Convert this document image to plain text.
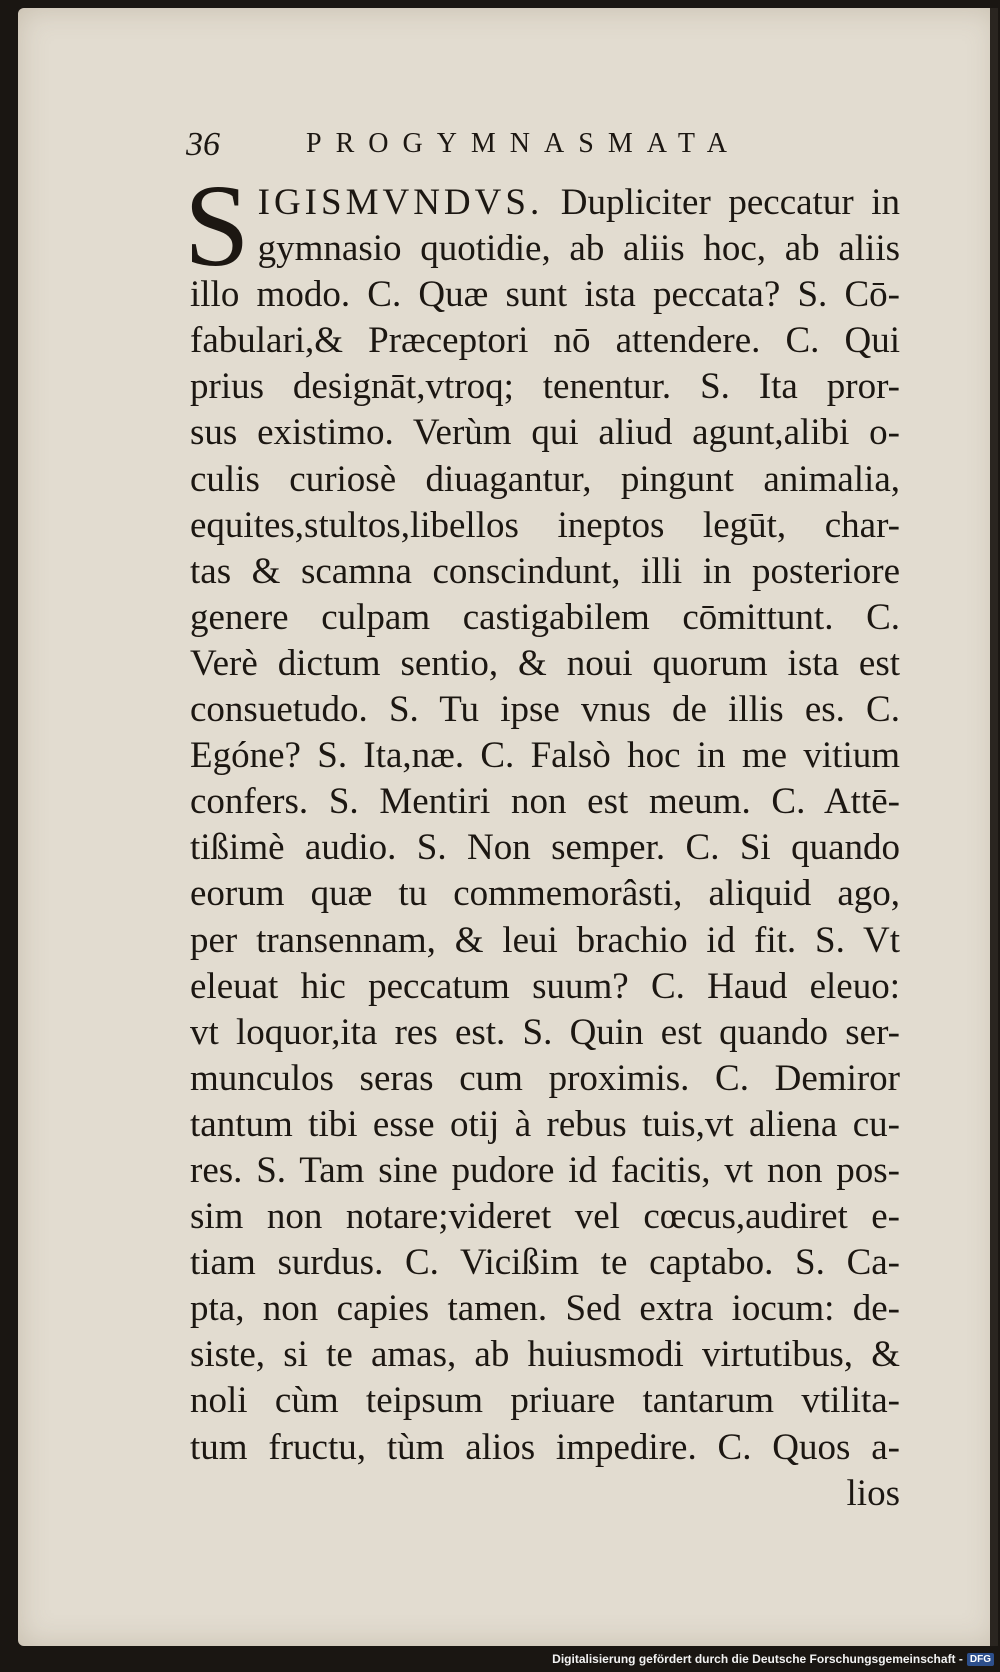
36	PROGYMNASMATA
S IGISMVNDVS. Dupliciter peccatur in
gymnasio quotidie, ab aliis hoc, ab aliis
illo modo. C. Quæ sunt ista peccata? S. Cō-
fabulari,& Præceptori nō attendere. C. Qui
prius designāt,vtroq; tenentur. S. Ita pror-
sus existimo. Verùm qui aliud agunt,alibi o-
culis curiosè diuagantur, pingunt animalia,
equites,stultos,libellos ineptos legūt, char-
tas & scamna conscindunt, illi in posteriore
genere culpam castigabilem cōmittunt. C.
Verè dictum sentio, & noui quorum ista est
consuetudo. S. Tu ipse vnus de illis es. C.
Egóne? S. Ita,næ. C. Falsò hoc in me vitium
confers. S. Mentiri non est meum. C. Attē-
tißimè audio. S. Non semper. C. Si quando
eorum quæ tu commemorâsti, aliquid ago,
per transennam, & leui brachio id fit. S. Vt
eleuat hic peccatum suum? C. Haud eleuo:
vt loquor,ita res est. S. Quin est quando ser-
munculos seras cum proximis. C. Demiror
tantum tibi esse otij à rebus tuis,vt aliena cu-
res. S. Tam sine pudore id facitis, vt non pos-
sim non notare;videret vel cœcus,audiret e-
tiam surdus. C. Vicißim te captabo. S. Ca-
pta, non capies tamen. Sed extra iocum: de-
siste, si te amas, ab huiusmodi virtutibus, &
noli cùm teipsum priuare tantarum vtilita-
tum fructu, tùm alios impedire. C. Quos a-
lios
Digitalisierung gefördert durch die Deutsche Forschungsgemeinschaft - DFG
